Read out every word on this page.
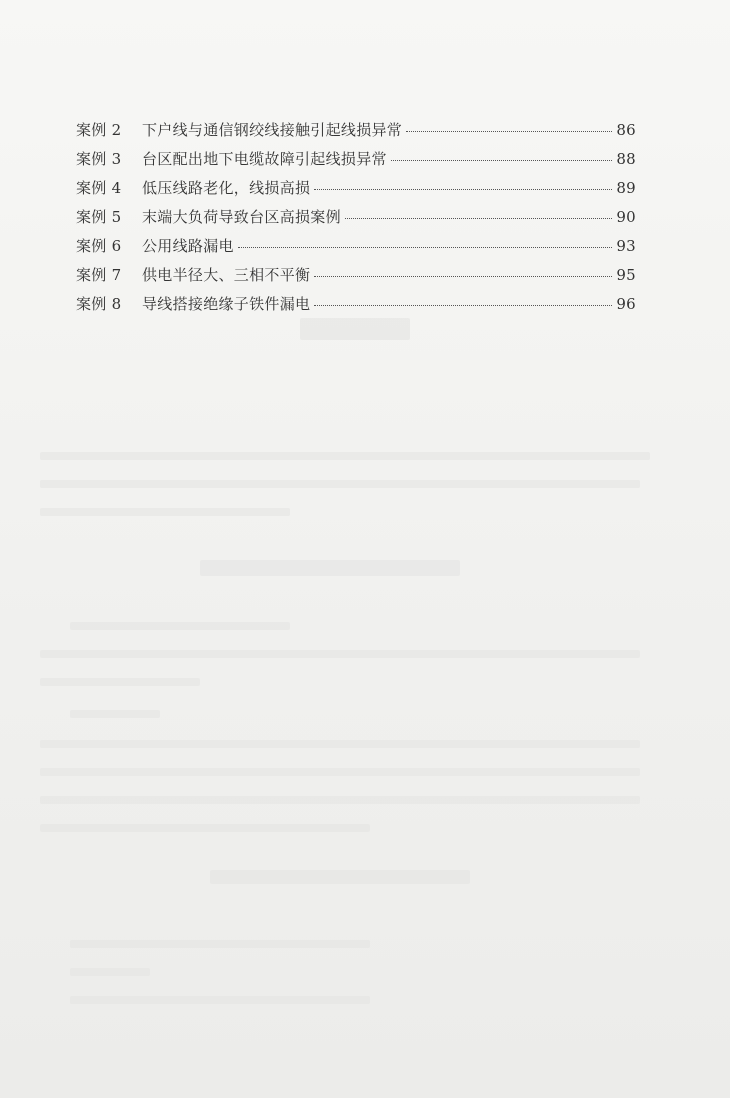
案例 2	下户线与通信钢绞线接触引起线损异常	86
案例 3	台区配出地下电缆故障引起线损异常	88
案例 4	低压线路老化，线损高损	89
案例 5	末端大负荷导致台区高损案例	90
案例 6	公用线路漏电	93
案例 7	供电半径大、三相不平衡	95
案例 8	导线搭接绝缘子铁件漏电	96
